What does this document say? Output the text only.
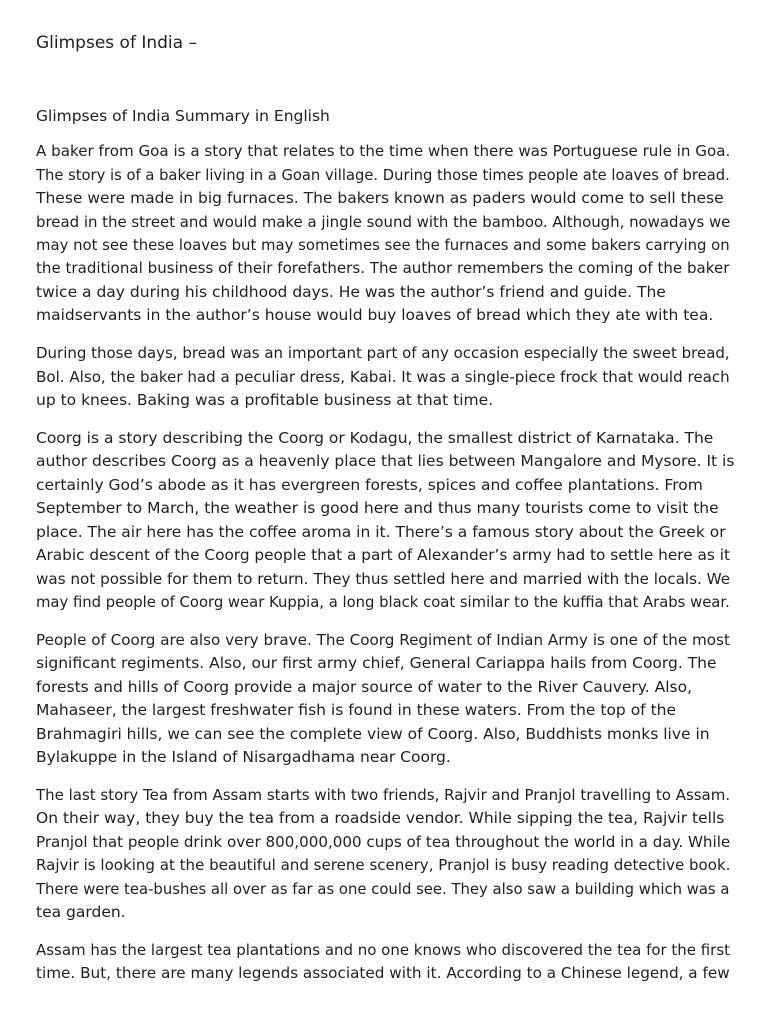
Glimpses of India –
Glimpses of India Summary in English

A baker from Goa is a story that relates to the time when there was Portuguese rule in Goa.
The story is of a baker living in a Goan village. During those times people ate loaves of bread.
These were made in big furnaces. The bakers known as paders would come to sell these
bread in the street and would make a jingle sound with the bamboo. Although, nowadays we
may not see these loaves but may sometimes see the furnaces and some bakers carrying on
the traditional business of their forefathers. The author remembers the coming of the baker
twice a day during his childhood days. He was the author’s friend and guide. The
maidservants in the author’s house would buy loaves of bread which they ate with tea.

During those days, bread was an important part of any occasion especially the sweet bread,
Bol. Also, the baker had a peculiar dress, Kabai. It was a single-piece frock that would reach
up to knees. Baking was a profitable business at that time.

Coorg is a story describing the Coorg or Kodagu, the smallest district of Karnataka. The
author describes Coorg as a heavenly place that lies between Mangalore and Mysore. It is
certainly God’s abode as it has evergreen forests, spices and coffee plantations. From
September to March, the weather is good here and thus many tourists come to visit the
place. The air here has the coffee aroma in it. There’s a famous story about the Greek or
Arabic descent of the Coorg people that a part of Alexander’s army had to settle here as it
was not possible for them to return. They thus settled here and married with the locals. We
may find people of Coorg wear Kuppia, a long black coat similar to the kuffia that Arabs wear.

People of Coorg are also very brave. The Coorg Regiment of Indian Army is one of the most
significant regiments. Also, our first army chief, General Cariappa hails from Coorg. The
forests and hills of Coorg provide a major source of water to the River Cauvery. Also,
Mahaseer, the largest freshwater fish is found in these waters. From the top of the
Brahmagiri hills, we can see the complete view of Coorg. Also, Buddhists monks live in
Bylakuppe in the Island of Nisargadhama near Coorg.

The last story Tea from Assam starts with two friends, Rajvir and Pranjol travelling to Assam.
On their way, they buy the tea from a roadside vendor. While sipping the tea, Rajvir tells
Pranjol that people drink over 800,000,000 cups of tea throughout the world in a day. While
Rajvir is looking at the beautiful and serene scenery, Pranjol is busy reading detective book.
There were tea-bushes all over as far as one could see. They also saw a building which was a
tea garden.

Assam has the largest tea plantations and no one knows who discovered the tea for the first
time. But, there are many legends associated with it. According to a Chinese legend, a few
